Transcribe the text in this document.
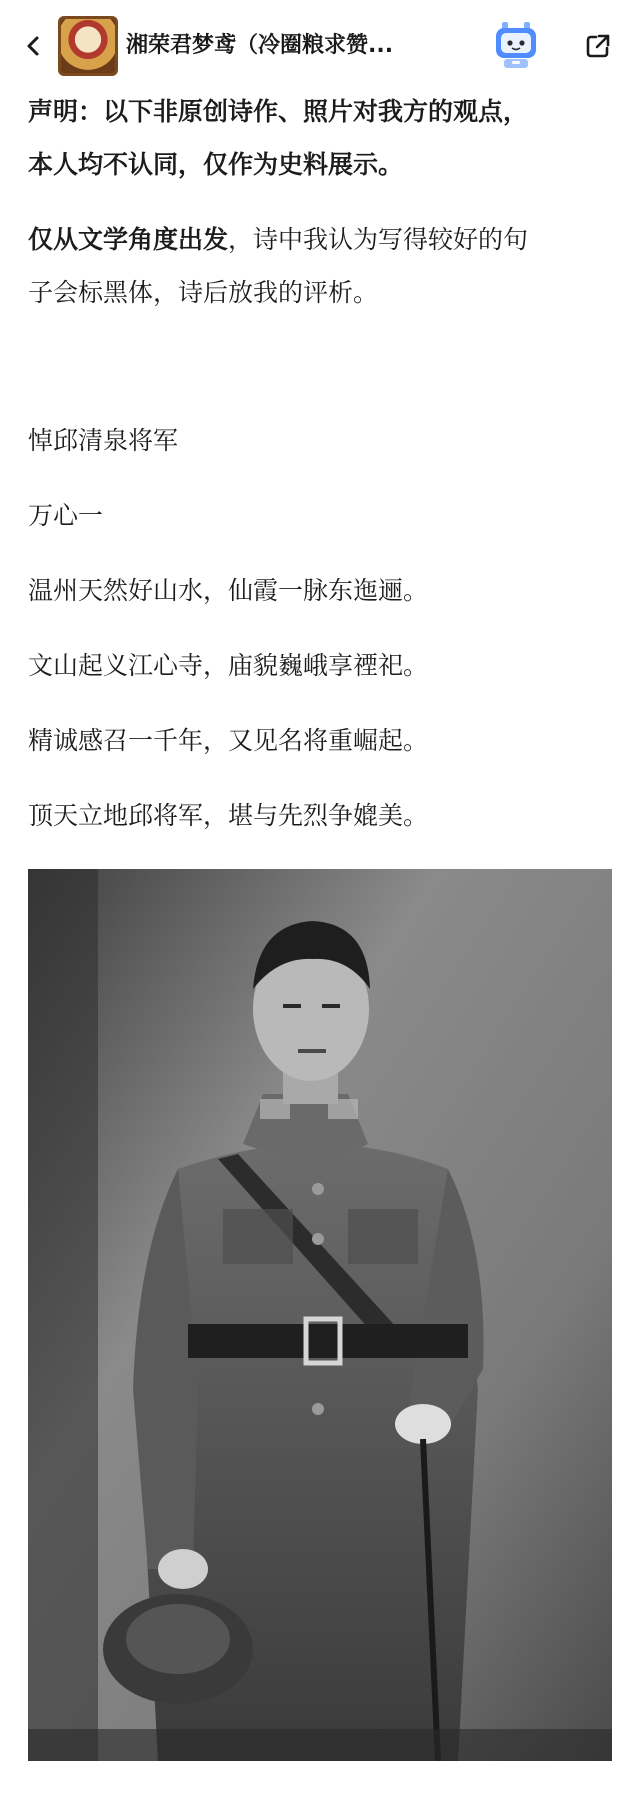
湘荣君梦鸢（冷圈粮求赞...
声明：以下非原创诗作、照片对我方的观点，
本人均不认同，仅作为史料展示。
仅从文学角度出发，诗中我认为写得较好的句
子会标黑体，诗后放我的评析。
悼邱清泉将军
万心一
温州天然好山水，仙霞一脉东迤逦。
文山起义江心寺，庙貌巍峨享禋祀。
精诚感召一千年，又见名将重崛起。
顶天立地邱将军，堪与先烈争媲美。
